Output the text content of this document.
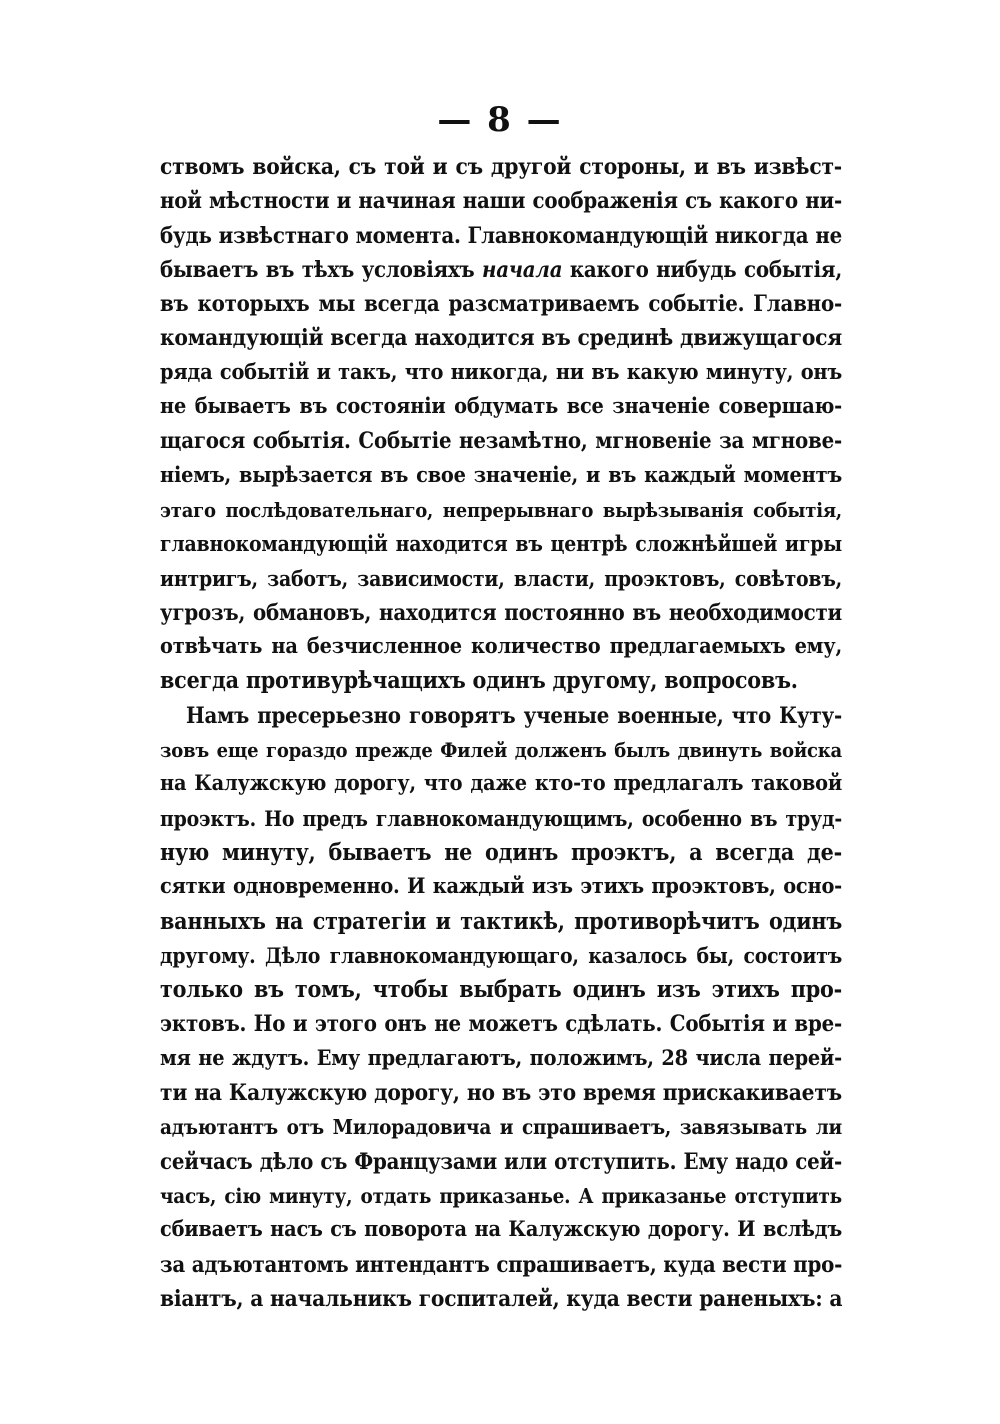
— 8 —
ствомъ войска, съ той и съ другой стороны, и въ извѣст-
ной мѣстности и начиная наши соображенія съ какого ни-
будь извѣстнаго момента. Главнокомандующій никогда не
бываетъ въ тѣхъ условіяхъ начала какого нибудь событія,
въ которыхъ мы всегда разсматриваемъ событіе. Главно-
командующій всегда находится въ срединѣ движущагося
ряда событій и такъ, что никогда, ни въ какую минуту, онъ
не бываетъ въ состояніи обдумать все значеніе совершаю-
щагося событія. Событіе незамѣтно, мгновеніе за мгнове-
ніемъ, вырѣзается въ свое значеніе, и въ каждый моментъ
этаго послѣдовательнаго, непрерывнаго вырѣзыванія событія,
главнокомандующій находится въ центрѣ сложнѣйшей игры
интригъ, заботъ, зависимости, власти, проэктовъ, совѣтовъ,
угрозъ, обмановъ, находится постоянно въ необходимости
отвѣчать на безчисленное количество предлагаемыхъ ему,
всегда противурѣчащихъ одинъ другому, вопросовъ.
Намъ пресерьезно говорятъ ученые военные, что Куту-
зовъ еще гораздо прежде Филей долженъ былъ двинуть войска
на Калужскую дорогу, что даже кто-то предлагалъ таковой
проэктъ. Но предъ главнокомандующимъ, особенно въ труд-
ную минуту, бываетъ не одинъ проэктъ, а всегда де-
сятки одновременно. И каждый изъ этихъ проэктовъ, осно-
ванныхъ на стратегіи и тактикѣ, противорѣчитъ одинъ
другому. Дѣло главнокомандующаго, казалось бы, состоитъ
только въ томъ, чтобы выбрать одинъ изъ этихъ про-
эктовъ. Но и этого онъ не можетъ сдѣлать. Событія и вре-
мя не ждутъ. Ему предлагаютъ, положимъ, 28 числа перей-
ти на Калужскую дорогу, но въ это время прискакиваетъ
адъютантъ отъ Милорадовича и спрашиваетъ, завязывать ли
сейчасъ дѣло съ Французами или отступить. Ему надо сей-
часъ, сію минуту, отдать приказанье. А приказанье отступить
сбиваетъ насъ съ поворота на Калужскую дорогу. И вслѣдъ
за адъютантомъ интендантъ спрашиваетъ, куда вести про-
віантъ, а начальникъ госпиталей, куда вести раненыхъ: а
